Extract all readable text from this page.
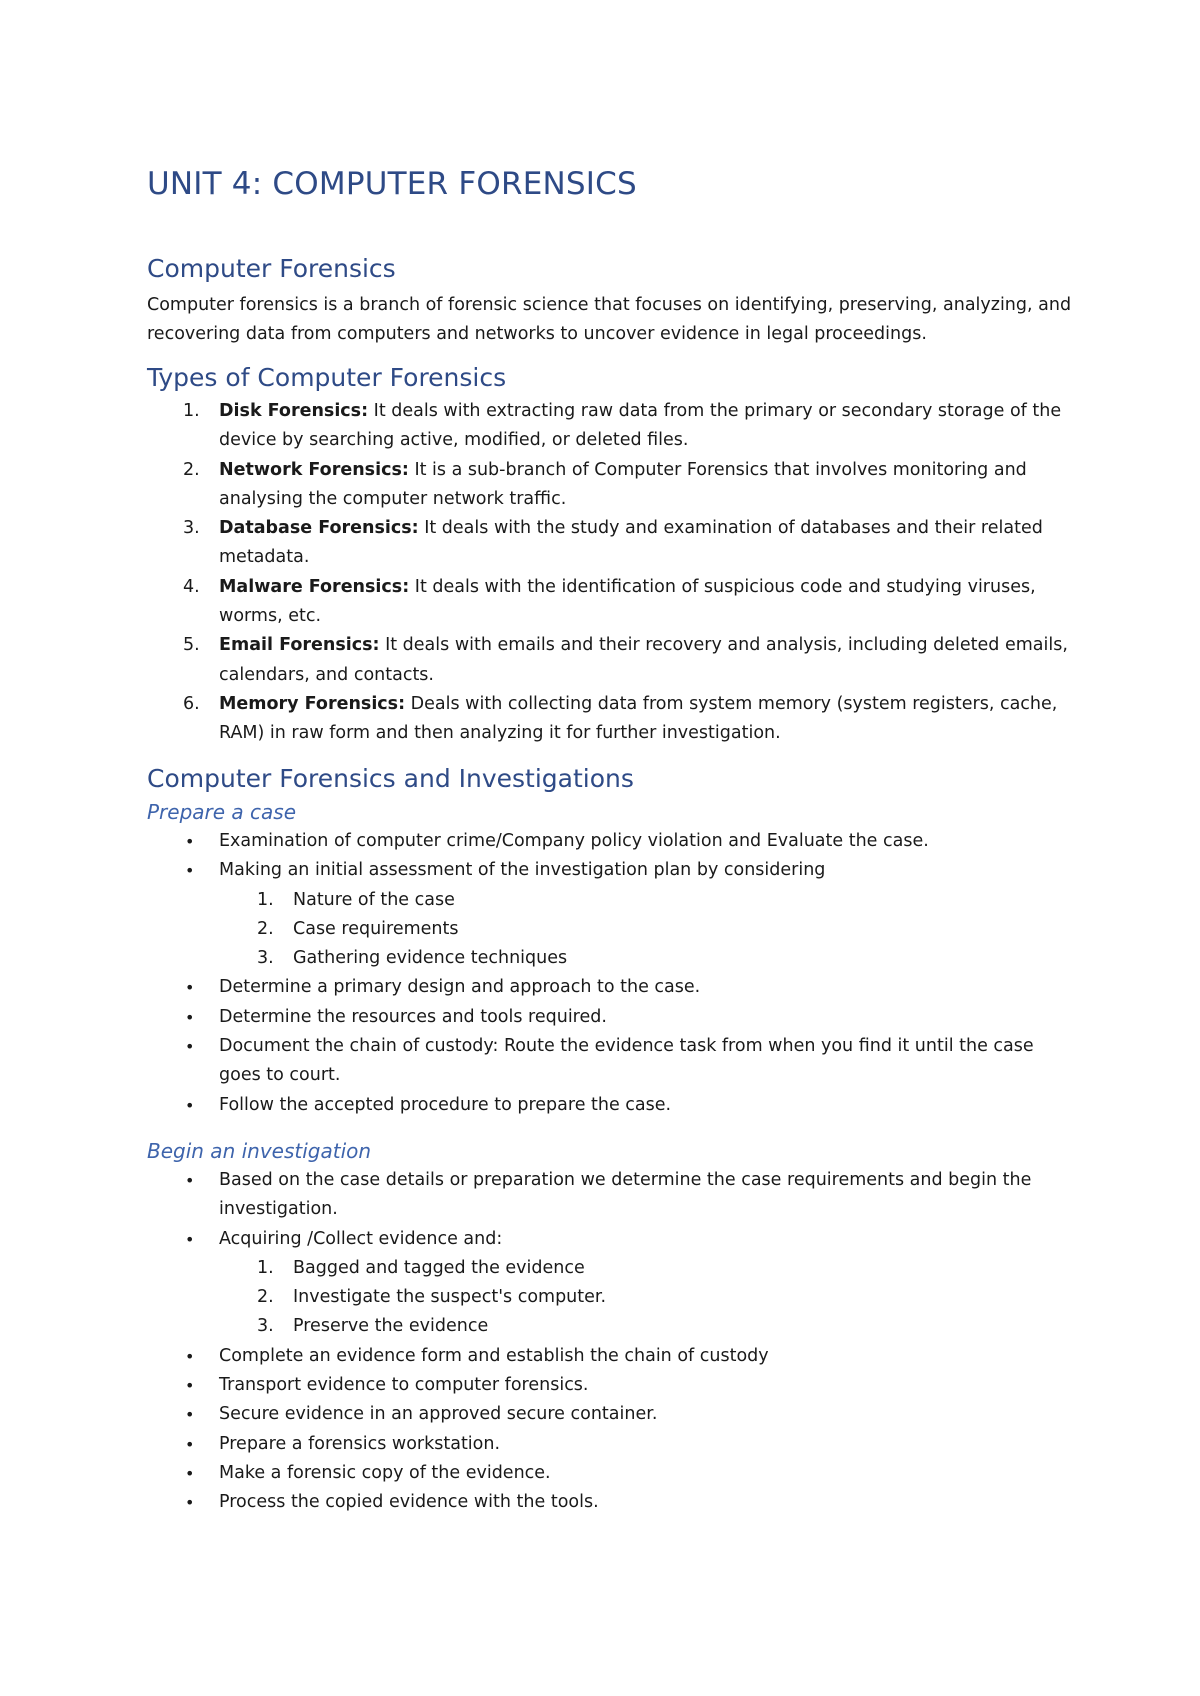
UNIT 4: COMPUTER FORENSICS
Computer Forensics

Computer forensics is a branch of forensic science that focuses on identifying, preserving, analyzing, and recovering data from computers and networks to uncover evidence in legal proceedings.

Types of Computer Forensics
1. Disk Forensics: It deals with extracting raw data from the primary or secondary storage of the device by searching active, modified, or deleted files.
2. Network Forensics: It is a sub-branch of Computer Forensics that involves monitoring and analysing the computer network traffic.
3. Database Forensics: It deals with the study and examination of databases and their related metadata.
4. Malware Forensics: It deals with the identification of suspicious code and studying viruses, worms, etc.
5. Email Forensics: It deals with emails and their recovery and analysis, including deleted emails, calendars, and contacts.
6. Memory Forensics: Deals with collecting data from system memory (system registers, cache, RAM) in raw form and then analyzing it for further investigation.
Computer Forensics and Investigations
Prepare a case
• Examination of computer crime/Company policy violation and Evaluate the case.
• Making an initial assessment of the investigation plan by considering
1. Nature of the case
2. Case requirements
3. Gathering evidence techniques
• Determine a primary design and approach to the case.
• Determine the resources and tools required.
• Document the chain of custody: Route the evidence task from when you find it until the case goes to court.
• Follow the accepted procedure to prepare the case.
Begin an investigation
• Based on the case details or preparation we determine the case requirements and begin the investigation.
• Acquiring /Collect evidence and:
1. Bagged and tagged the evidence
2. Investigate the suspect's computer.
3. Preserve the evidence
• Complete an evidence form and establish the chain of custody
• Transport evidence to computer forensics.
• Secure evidence in an approved secure container.
• Prepare a forensics workstation.
• Make a forensic copy of the evidence.
• Process the copied evidence with the tools.
